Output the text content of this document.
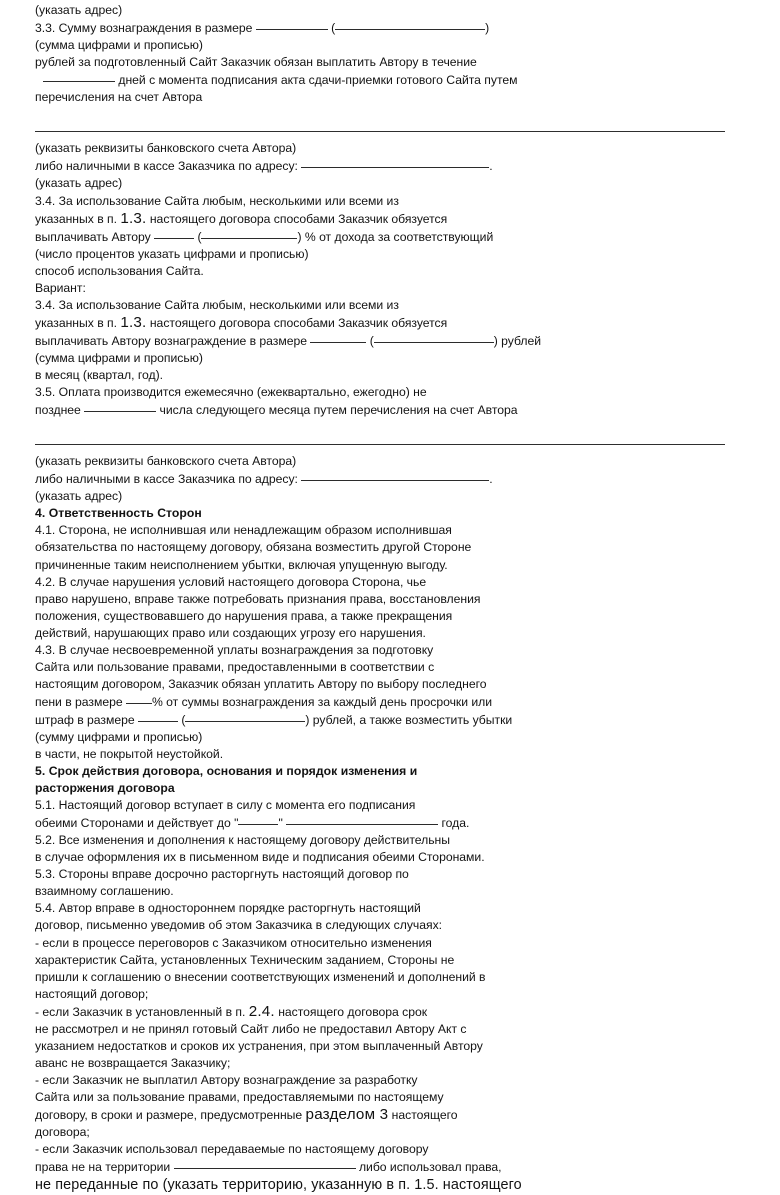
(указать адрес)
3.3. Сумму вознаграждения в размере	(	)
(сумма цифрами и прописью)
рублей за подготовленный Сайт Заказчик обязан выплатить Автору в течение
дней с момента подписания акта сдачи-приемки готового Сайта путем
перечисления на счет Автора
(указать реквизиты банковского счета Автора)
либо наличными в кассе Заказчика по адресу:	.
(указать адрес)
3.4. За использование Сайта любым, несколькими или всеми из
указанных в п. 1.3. настоящего договора способами Заказчик обязуется
выплачивать Автору	(	) % от дохода за соответствующий
(число процентов указать цифрами и прописью)
способ использования Сайта.
Вариант:
3.4. За использование Сайта любым, несколькими или всеми из
указанных в п. 1.3. настоящего договора способами Заказчик обязуется
выплачивать Автору вознаграждение в размере	(	) рублей
(сумма цифрами и прописью)
в месяц (квартал, год).
3.5. Оплата производится ежемесячно (ежеквартально, ежегодно) не
позднее	числа следующего месяца путем перечисления на счет Автора
(указать реквизиты банковского счета Автора)
либо наличными в кассе Заказчика по адресу:	.
(указать адрес)
4. Ответственность Сторон
4.1. Сторона, не исполнившая или ненадлежащим образом исполнившая
обязательства по настоящему договору, обязана возместить другой Стороне
причиненные таким неисполнением убытки, включая упущенную выгоду.
4.2. В случае нарушения условий настоящего договора Сторона, чье
право нарушено, вправе также потребовать признания права, восстановления
положения, существовавшего до нарушения права, а также прекращения
действий, нарушающих право или создающих угрозу его нарушения.
4.3. В случае несвоевременной уплаты вознаграждения за подготовку
Сайта или пользование правами, предоставленными в соответствии с
настоящим договором, Заказчик обязан уплатить Автору по выбору последнего
пени в размере % от суммы вознаграждения за каждый день просрочки или
штраф в размере	(	) рублей, а также возместить убытки
(сумму цифрами и прописью)
в части, не покрытой неустойкой.
5. Срок действия договора, основания и порядок изменения и
расторжения договора
5.1. Настоящий договор вступает в силу с момента его подписания
обеими Сторонами и действует до "	"	года.
5.2. Все изменения и дополнения к настоящему договору действительны
в случае оформления их в письменном виде и подписания обеими Сторонами.
5.3. Стороны вправе досрочно расторгнуть настоящий договор по
взаимному соглашению.
5.4. Автор вправе в одностороннем порядке расторгнуть настоящий
договор, письменно уведомив об этом Заказчика в следующих случаях:
- если в процессе переговоров с Заказчиком относительно изменения
характеристик Сайта, установленных Техническим заданием, Стороны не
пришли к соглашению о внесении соответствующих изменений и дополнений в
настоящий договор;
- если Заказчик в установленный в п. 2.4. настоящего договора срок
не рассмотрел и не принял готовый Сайт либо не предоставил Автору Акт с
указанием недостатков и сроков их устранения, при этом выплаченный Автору
аванс не возвращается Заказчику;
- если Заказчик не выплатил Автору вознаграждение за разработку
Сайта или за пользование правами, предоставляемыми по настоящему
договору, в сроки и размере, предусмотренные разделом 3 настоящего
договора;
- если Заказчик использовал передаваемые по настоящему договору
права не на территории	либо использовал права,
не переданные по (указать территорию, указанную в п. 1.5. настоящего
